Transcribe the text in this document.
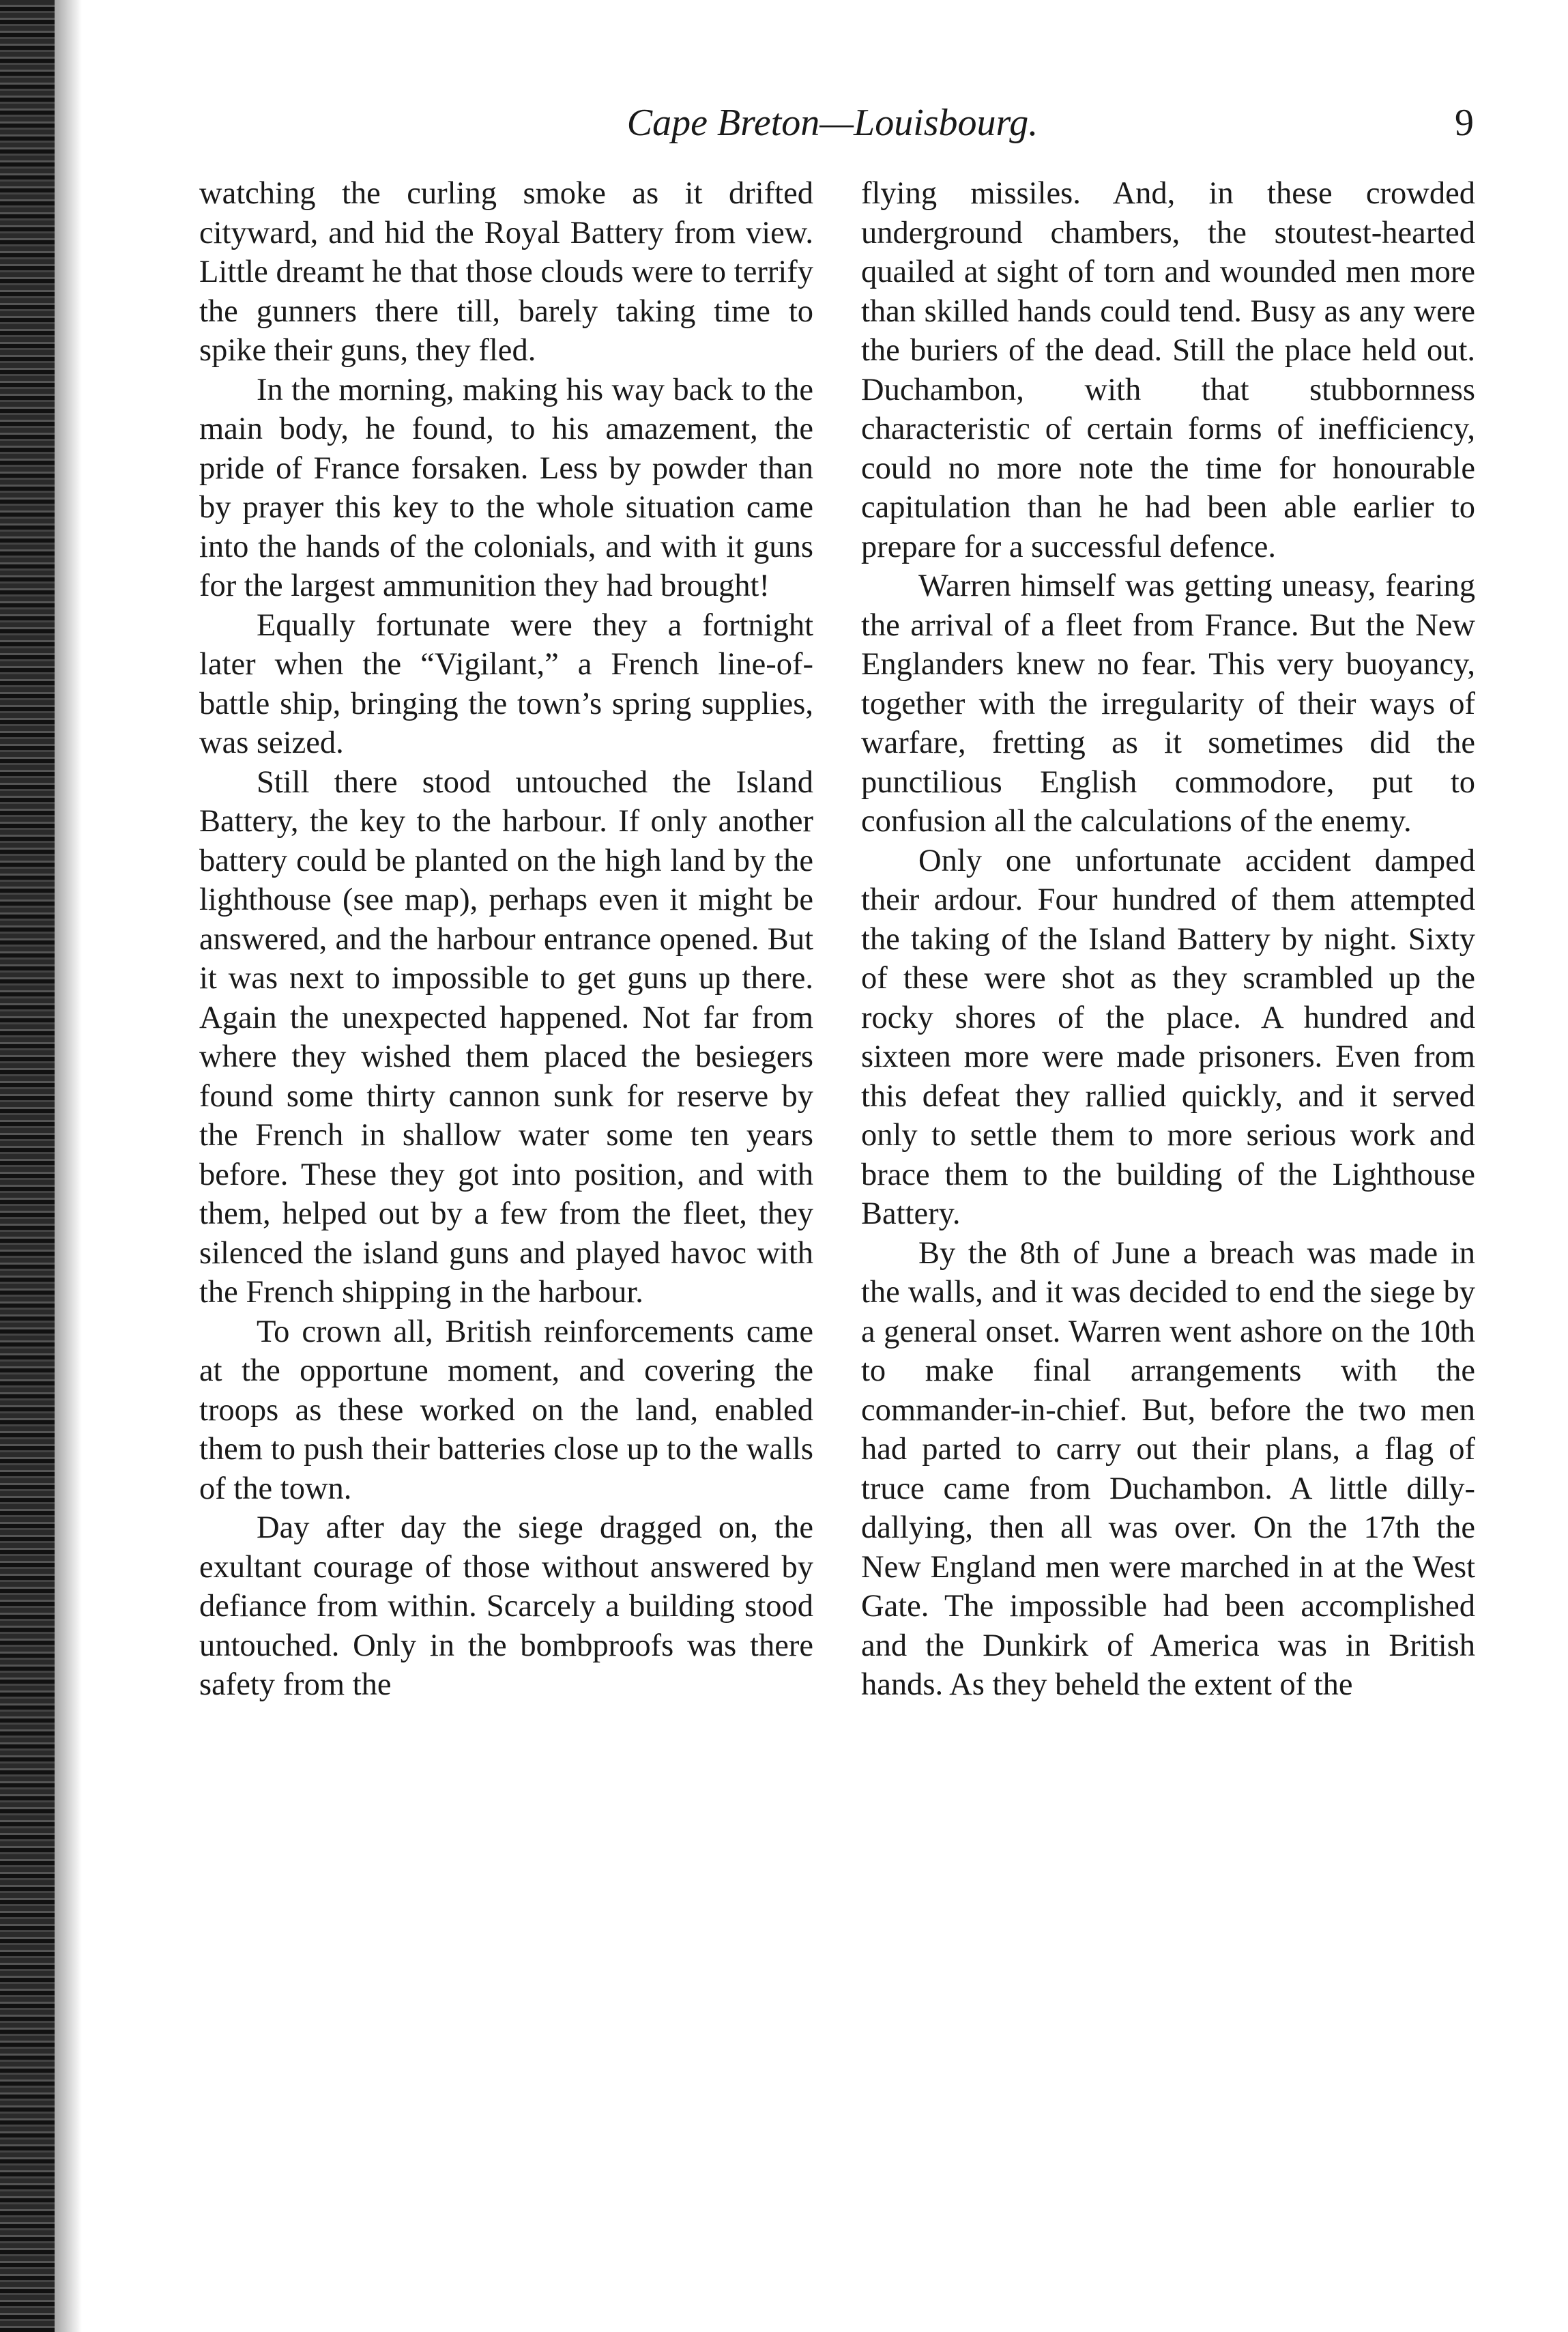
Cape Breton—Louisbourg.	9

watching the curling smoke as it drifted cityward, and hid the Royal Battery from view. Little dreamt he that those clouds were to terrify the gunners there till, barely taking time to spike their guns, they fled.

In the morning, making his way back to the main body, he found, to his amazement, the pride of France forsaken. Less by powder than by prayer this key to the whole situation came into the hands of the colonials, and with it guns for the largest ammunition they had brought!

Equally fortunate were they a fortnight later when the “Vigilant,” a French line-of-battle ship, bringing the town’s spring supplies, was seized.

Still there stood untouched the Island Battery, the key to the harbour. If only another battery could be planted on the high land by the lighthouse (see map), perhaps even it might be answered, and the harbour entrance opened. But it was next to impossible to get guns up there. Again the unexpected happened. Not far from where they wished them placed the besiegers found some thirty cannon sunk for reserve by the French in shallow water some ten years before. These they got into position, and with them, helped out by a few from the fleet, they silenced the island guns and played havoc with the French shipping in the harbour.

To crown all, British reinforcements came at the opportune moment, and covering the troops as these worked on the land, enabled them to push their batteries close up to the walls of the town.

Day after day the siege dragged on, the exultant courage of those without answered by defiance from within. Scarcely a building stood untouched. Only in the bombproofs was there safety from the

flying missiles. And, in these crowded underground chambers, the stoutest-hearted quailed at sight of torn and wounded men more than skilled hands could tend. Busy as any were the buriers of the dead. Still the place held out. Duchambon, with that stubbornness characteristic of certain forms of inefficiency, could no more note the time for honourable capitulation than he had been able earlier to prepare for a successful defence.

Warren himself was getting uneasy, fearing the arrival of a fleet from France. But the New Englanders knew no fear. This very buoyancy, together with the irregularity of their ways of warfare, fretting as it sometimes did the punctilious English commodore, put to confusion all the calculations of the enemy.

Only one unfortunate accident damped their ardour. Four hundred of them attempted the taking of the Island Battery by night. Sixty of these were shot as they scrambled up the rocky shores of the place. A hundred and sixteen more were made prisoners. Even from this defeat they rallied quickly, and it served only to settle them to more serious work and brace them to the building of the Lighthouse Battery.

By the 8th of June a breach was made in the walls, and it was decided to end the siege by a general onset. Warren went ashore on the 10th to make final arrangements with the commander-in-chief. But, before the two men had parted to carry out their plans, a flag of truce came from Duchambon. A little dilly-dallying, then all was over. On the 17th the New England men were marched in at the West Gate. The impossible had been accomplished and the Dunkirk of America was in British hands. As they beheld the extent of the
